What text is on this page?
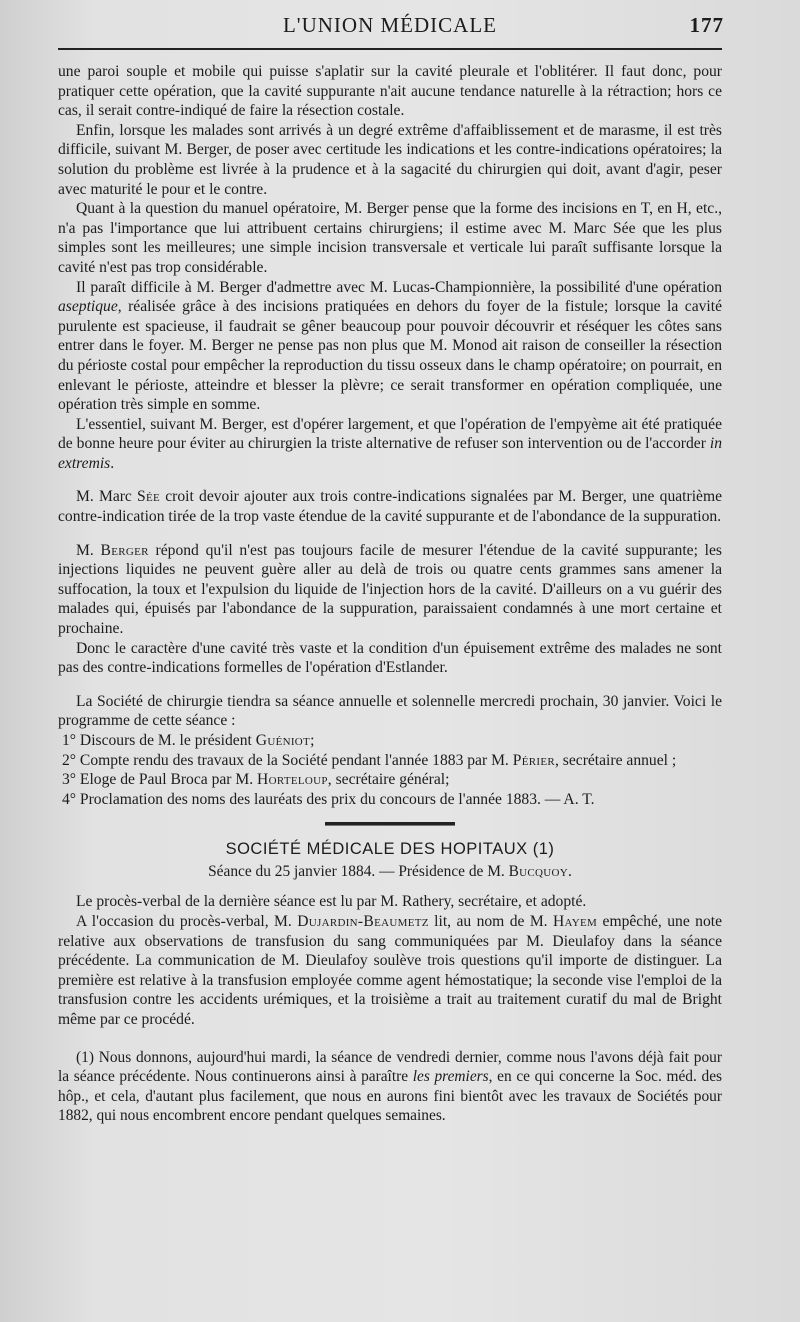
L'UNION MÉDICALE	177

une paroi souple et mobile qui puisse s'aplatir sur la cavité pleurale et l'oblitérer. Il faut donc, pour pratiquer cette opération, que la cavité suppurante n'ait aucune tendance naturelle à la rétraction; hors ce cas, il serait contre-indiqué de faire la résection costale.

Enfin, lorsque les malades sont arrivés à un degré extrême d'affaiblissement et de marasme, il est très difficile, suivant M. Berger, de poser avec certitude les indications et les contre-indications opératoires; la solution du problème est livrée à la prudence et à la sagacité du chirurgien qui doit, avant d'agir, peser avec maturité le pour et le contre.

Quant à la question du manuel opératoire, M. Berger pense que la forme des incisions en T, en H, etc., n'a pas l'importance que lui attribuent certains chirurgiens; il estime avec M. Marc Sée que les plus simples sont les meilleures; une simple incision transversale et verticale lui paraît suffisante lorsque la cavité n'est pas trop considérable.

Il paraît difficile à M. Berger d'admettre avec M. Lucas-Championnière, la possibilité d'une opération aseptique, réalisée grâce à des incisions pratiquées en dehors du foyer de la fistule; lorsque la cavité purulente est spacieuse, il faudrait se gêner beaucoup pour pouvoir découvrir et réséquer les côtes sans entrer dans le foyer. M. Berger ne pense pas non plus que M. Monod ait raison de conseiller la résection du périoste costal pour empêcher la reproduction du tissu osseux dans le champ opératoire; on pourrait, en enlevant le périoste, atteindre et blesser la plèvre; ce serait transformer en opération compliquée, une opération très simple en somme.

L'essentiel, suivant M. Berger, est d'opérer largement, et que l'opération de l'empyème ait été pratiquée de bonne heure pour éviter au chirurgien la triste alternative de refuser son intervention ou de l'accorder in extremis.

M. Marc Sée croit devoir ajouter aux trois contre-indications signalées par M. Berger, une quatrième contre-indication tirée de la trop vaste étendue de la cavité suppurante et de l'abondance de la suppuration.

M. Berger répond qu'il n'est pas toujours facile de mesurer l'étendue de la cavité suppurante; les injections liquides ne peuvent guère aller au delà de trois ou quatre cents grammes sans amener la suffocation, la toux et l'expulsion du liquide de l'injection hors de la cavité. D'ailleurs on a vu guérir des malades qui, épuisés par l'abondance de la suppuration, paraissaient condamnés à une mort certaine et prochaine.

Donc le caractère d'une cavité très vaste et la condition d'un épuisement extrême des malades ne sont pas des contre-indications formelles de l'opération d'Estlander.

La Société de chirurgie tiendra sa séance annuelle et solennelle mercredi prochain, 30 janvier. Voici le programme de cette séance :

1° Discours de M. le président Guéniot;

2° Compte rendu des travaux de la Société pendant l'année 1883 par M. Périer, secrétaire annuel ;

3° Eloge de Paul Broca par M. Horteloup, secrétaire général;

4° Proclamation des noms des lauréats des prix du concours de l'année 1883. — A. T.

SOCIÉTÉ MÉDICALE DES HOPITAUX (1)
Séance du 25 janvier 1884. — Présidence de M. Bucquoy.

Le procès-verbal de la dernière séance est lu par M. Rathery, secrétaire, et adopté.

A l'occasion du procès-verbal, M. Dujardin-Beaumetz lit, au nom de M. Hayem empêché, une note relative aux observations de transfusion du sang communiquées par M. Dieulafoy dans la séance précédente. La communication de M. Dieulafoy soulève trois questions qu'il importe de distinguer. La première est relative à la transfusion employée comme agent hémostatique; la seconde vise l'emploi de la transfusion contre les accidents urémiques, et la troisième a trait au traitement curatif du mal de Bright même par ce procédé.

(1) Nous donnons, aujourd'hui mardi, la séance de vendredi dernier, comme nous l'avons déjà fait pour la séance précédente. Nous continuerons ainsi à paraître les premiers, en ce qui concerne la Soc. méd. des hôp., et cela, d'autant plus facilement, que nous en aurons fini bientôt avec les travaux de Sociétés pour 1882, qui nous encombrent encore pendant quelques semaines.
